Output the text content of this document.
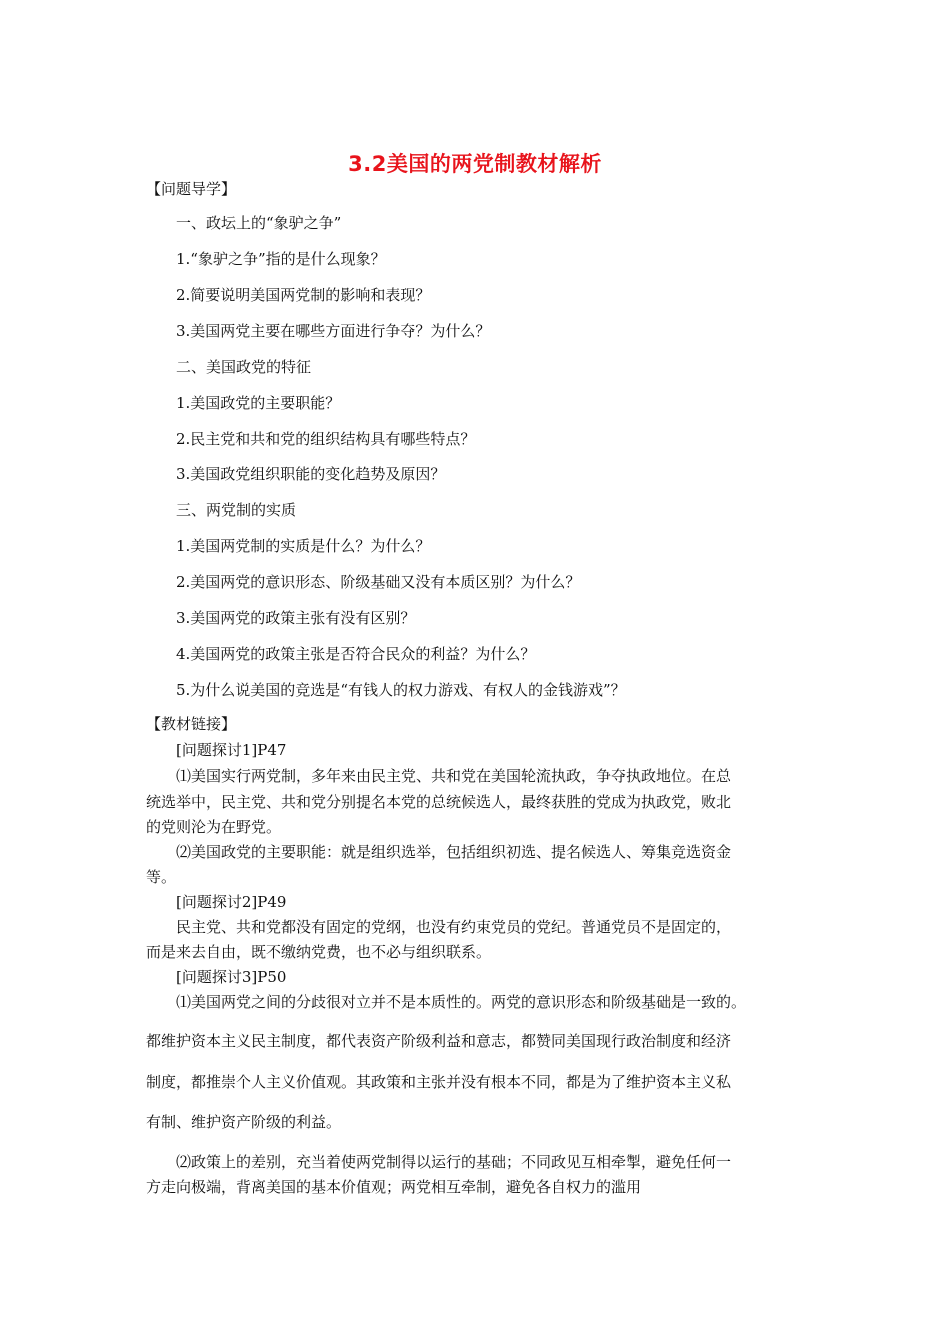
3.2美国的两党制教材解析
【问题导学】
一、政坛上的“象驴之争”
1.“象驴之争”指的是什么现象？
2.简要说明美国两党制的影响和表现？
3.美国两党主要在哪些方面进行争夺？为什么？
二、美国政党的特征
1.美国政党的主要职能？
2.民主党和共和党的组织结构具有哪些特点？
3.美国政党组织职能的变化趋势及原因？
三、两党制的实质
1.美国两党制的实质是什么？为什么？
2.美国两党的意识形态、阶级基础又没有本质区别？为什么？
3.美国两党的政策主张有没有区别？
4.美国两党的政策主张是否符合民众的利益？为什么？
5.为什么说美国的竞选是“有钱人的权力游戏、有权人的金钱游戏”？
【教材链接】
[问题探讨1]P47
⑴美国实行两党制，多年来由民主党、共和党在美国轮流执政，争夺执政地位。在总
统选举中，民主党、共和党分别提名本党的总统候选人，最终获胜的党成为执政党，败北
的党则沦为在野党。
⑵美国政党的主要职能：就是组织选举，包括组织初选、提名候选人、筹集竞选资金
等。
[问题探讨2]P49
民主党、共和党都没有固定的党纲，也没有约束党员的党纪。普通党员不是固定的，
而是来去自由，既不缴纳党费，也不必与组织联系。
[问题探讨3]P50
⑴美国两党之间的分歧很对立并不是本质性的。两党的意识形态和阶级基础是一致的。
都维护资本主义民主制度，都代表资产阶级利益和意志，都赞同美国现行政治制度和经济
制度，都推崇个人主义价值观。其政策和主张并没有根本不同，都是为了维护资本主义私
有制、维护资产阶级的利益。
⑵政策上的差别，充当着使两党制得以运行的基础；不同政见互相牵掣，避免任何一
方走向极端，背离美国的基本价值观；两党相互牵制，避免各自权力的滥用
